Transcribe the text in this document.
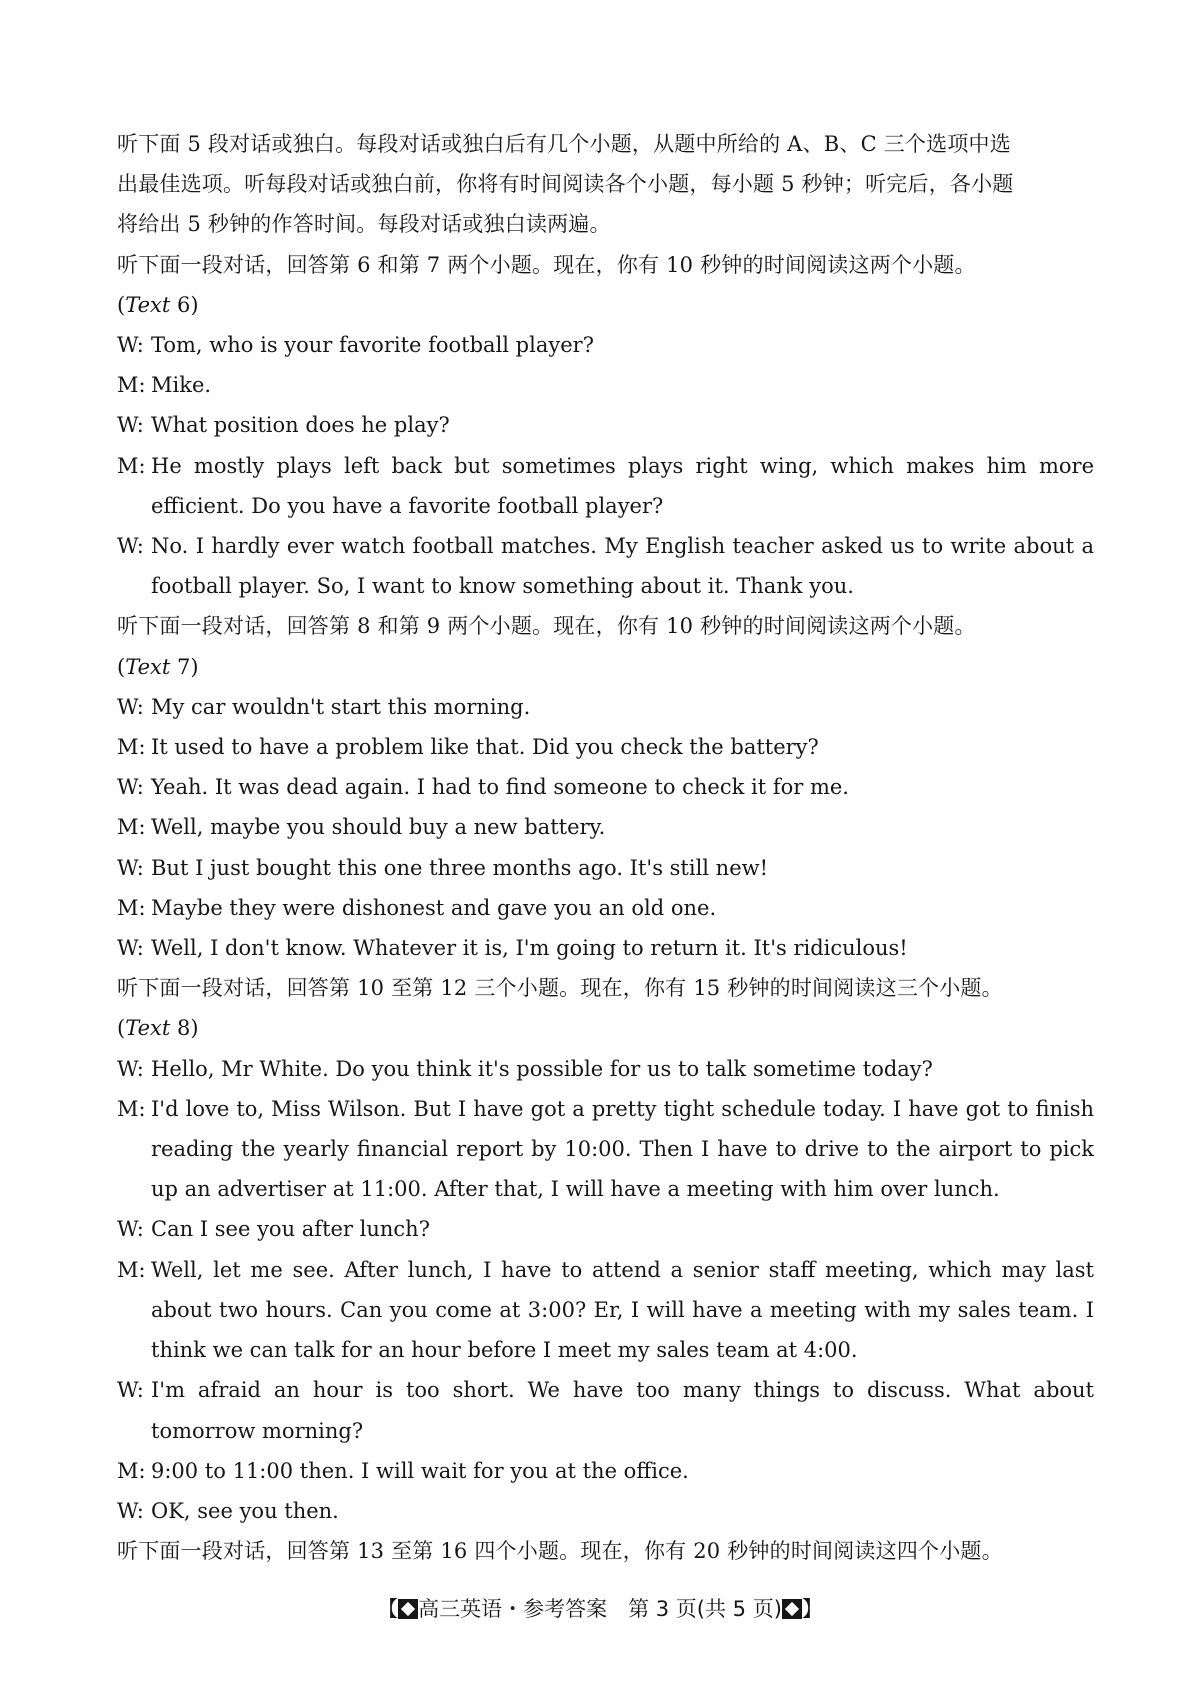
听下面 5 段对话或独白。每段对话或独白后有几个小题，从题中所给的 A、B、C 三个选项中选

出最佳选项。听每段对话或独白前，你将有时间阅读各个小题，每小题 5 秒钟；听完后，各小题

将给出 5 秒钟的作答时间。每段对话或独白读两遍。

听下面一段对话，回答第 6 和第 7 两个小题。现在，你有 10 秒钟的时间阅读这两个小题。

(Text 6)

W: Tom, who is your favorite football player?

M: Mike.

W: What position does he play?

M: He mostly plays left back but sometimes plays right wing, which makes him more efficient. Do you have a favorite football player?

W: No. I hardly ever watch football matches. My English teacher asked us to write about a football player. So, I want to know something about it. Thank you.

听下面一段对话，回答第 8 和第 9 两个小题。现在，你有 10 秒钟的时间阅读这两个小题。

(Text 7)

W: My car wouldn't start this morning.

M: It used to have a problem like that. Did you check the battery?

W: Yeah. It was dead again. I had to find someone to check it for me.

M: Well, maybe you should buy a new battery.

W: But I just bought this one three months ago. It's still new!

M: Maybe they were dishonest and gave you an old one.

W: Well, I don't know. Whatever it is, I'm going to return it. It's ridiculous!

听下面一段对话，回答第 10 至第 12 三个小题。现在，你有 15 秒钟的时间阅读这三个小题。

(Text 8)

W: Hello, Mr White. Do you think it's possible for us to talk sometime today?

M: I'd love to, Miss Wilson. But I have got a pretty tight schedule today. I have got to finish reading the yearly financial report by 10:00. Then I have to drive to the airport to pick up an advertiser at 11:00. After that, I will have a meeting with him over lunch.

W: Can I see you after lunch?

M: Well, let me see. After lunch, I have to attend a senior staff meeting, which may last about two hours. Can you come at 3:00? Er, I will have a meeting with my sales team. I think we can talk for an hour before I meet my sales team at 4:00.

W: I'm afraid an hour is too short. We have too many things to discuss. What about tomorrow morning?

M: 9:00 to 11:00 then. I will wait for you at the office.

W: OK, see you then.

听下面一段对话，回答第 13 至第 16 四个小题。现在，你有 20 秒钟的时间阅读这四个小题。

【 高三英语・参考答案　第 3 页(共 5 页) 】
